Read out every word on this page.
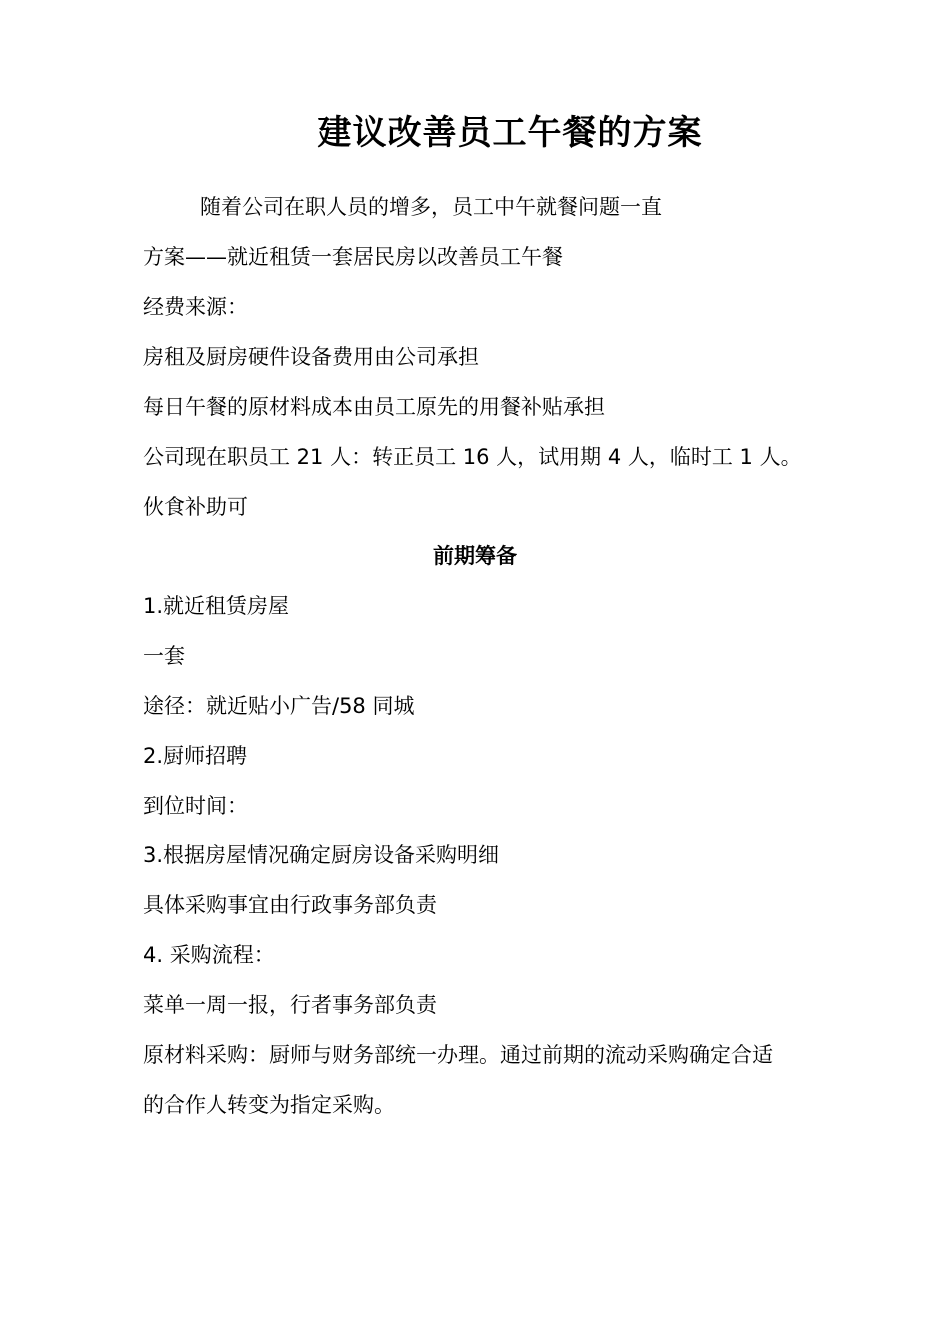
建议改善员工午餐的方案
随着公司在职人员的增多，员工中午就餐问题一直
方案——就近租赁一套居民房以改善员工午餐
经费来源：
房租及厨房硬件设备费用由公司承担
每日午餐的原材料成本由员工原先的用餐补贴承担
公司现在职员工 21 人：转正员工 16 人，试用期 4 人，临时工 1 人。
伙食补助可
前期筹备
1.就近租赁房屋
一套
途径：就近贴小广告/58 同城
2.厨师招聘
到位时间：
3.根据房屋情况确定厨房设备采购明细
具体采购事宜由行政事务部负责
4. 采购流程：
菜单一周一报，行者事务部负责
原材料采购：厨师与财务部统一办理。通过前期的流动采购确定合适
的合作人转变为指定采购。
